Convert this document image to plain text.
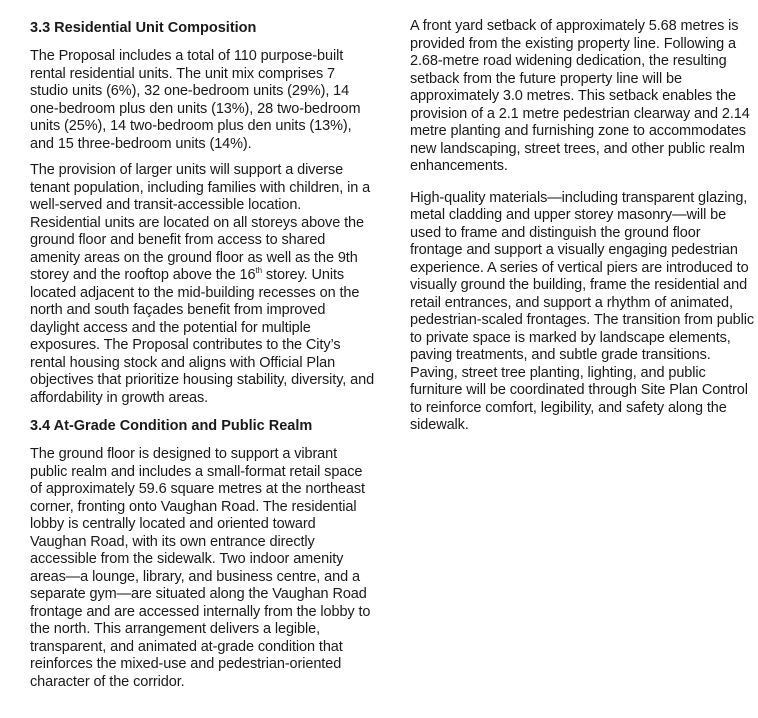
3.3 Residential Unit Composition

The Proposal includes a total of 110 purpose-built rental residential units. The unit mix comprises 7 studio units (6%), 32 one-bedroom units (29%), 14 one-bedroom plus den units (13%), 28 two-bedroom units (25%), 14 two-bedroom plus den units (13%), and 15 three-bedroom units (14%).

The provision of larger units will support a diverse tenant population, including families with children, in a well-served and transit-accessible location. Residential units are located on all storeys above the ground floor and benefit from access to shared amenity areas on the ground floor as well as the 9th storey and the rooftop above the 16th storey. Units located adjacent to the mid-building recesses on the north and south façades benefit from improved daylight access and the potential for multiple exposures. The Proposal contributes to the City’s rental housing stock and aligns with Official Plan objectives that prioritize housing stability, diversity, and affordability in growth areas.

3.4 At-Grade Condition and Public Realm

The ground floor is designed to support a vibrant public realm and includes a small-format retail space of approximately 59.6 square metres at the northeast corner, fronting onto Vaughan Road. The residential lobby is centrally located and oriented toward Vaughan Road, with its own entrance directly accessible from the sidewalk. Two indoor amenity areas—a lounge, library, and business centre, and a separate gym—are situated along the Vaughan Road frontage and are accessed internally from the lobby to the north. This arrangement delivers a legible, transparent, and animated at-grade condition that reinforces the mixed-use and pedestrian-oriented character of the corridor.

A front yard setback of approximately 5.68 metres is provided from the existing property line. Following a 2.68-metre road widening dedication, the resulting setback from the future property line will be approximately 3.0 metres. This setback enables the provision of a 2.1 metre pedestrian clearway and 2.14 metre planting and furnishing zone to accommodates new landscaping, street trees, and other public realm enhancements.

High-quality materials—including transparent glazing, metal cladding and upper storey masonry—will be used to frame and distinguish the ground floor frontage and support a visually engaging pedestrian experience. A series of vertical piers are introduced to visually ground the building, frame the residential and retail entrances, and support a rhythm of animated, pedestrian-scaled frontages. The transition from public to private space is marked by landscape elements, paving treatments, and subtle grade transitions. Paving, street tree planting, lighting, and public furniture will be coordinated through Site Plan Control to reinforce comfort, legibility, and safety along the sidewalk.
